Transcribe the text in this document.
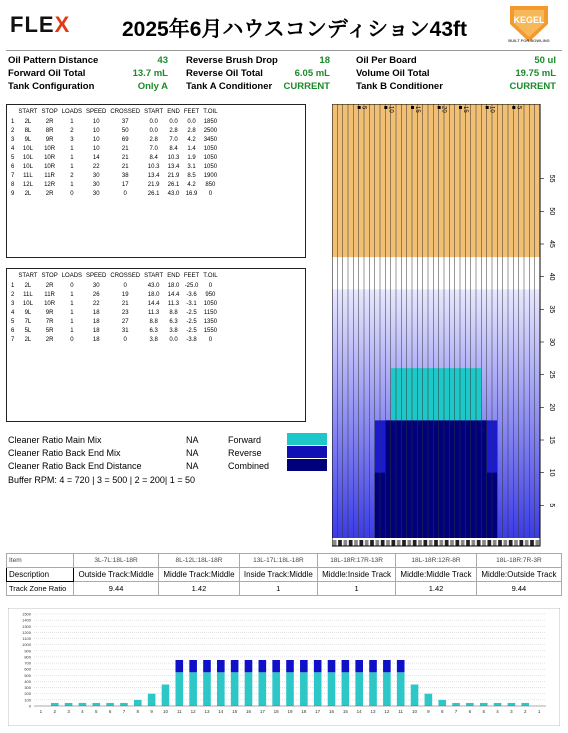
FLEX 2025年6月ハウスコンディション43ft	KEGEL
BUILT FOR BOWLING
Oil Pattern Distance	43 Reverse Brush Drop	18	Oil Per Board	50 ul
Forward Oil Total	13.7 mL Reverse Oil Total	6.05 mL	Volume Oil Total	19.75 mL
Tank Configuration	Only A Tank A Conditioner CURRENT	Tank B Conditioner	CURRENT
	START	STOP	LOADS	SPEED	CROSSED	START	END	FEET	T.OIL
1	2L	2R	1	10	37	0.0	0.0	0.0	1850
2	8L	8R	2	10	50	0.0	2.8	2.8	2500
3	9L	9R	3	10	69	2.8	7.0	4.2	3450
4	10L	10R	1	10	21	7.0	8.4	1.4	1050
5	10L	10R	1	14	21	8.4	10.3	1.9	1050
6	10L	10R	1	22	21	10.3	13.4	3.1	1050
7	11L	11R	2	30	38	13.4	21.9	8.5	1900
8	12L	12R	1	30	17	21.9	26.1	4.2	850
9	2L	2R	0	30	0	26.1	43.0	16.9	0
	START	STOP	LOADS	SPEED	CROSSED	START	END	FEET	T.OIL
1	2L	2R	0	30	0	43.0	18.0	-25.0	0
2	11L	11R	1	26	19	18.0	14.4	-3.6	950
3	10L	10R	1	22	21	14.4	11.3	-3.1	1050
4	9L	9R	1	18	23	11.3	8.8	-2.5	1150
5	7L	7R	1	18	27	8.8	6.3	-2.5	1350
6	5L	5R	1	18	31	6.3	3.8	-2.5	1550
7	2L	2R	0	18	0	3.8	0.0	-3.8	0
Cleaner Ratio Main Mix	NA
Cleaner Ratio Back End Mix	NA
Cleaner Ratio Back End Distance	NA
Buffer RPM: 4 = 720 | 3 = 500 | 2 = 200| 1 = 50
Forward
Reverse
Combined
5	10	15	20	15	10	5
5
10
15
20
25
30
35
40
45
50
55
Item	3L-7L:18L-18R	8L-12L:18L-18R	13L-17L:18L-18R	18L-18R:17R-13R	18L-18R:12R-8R	18L-18R:7R-3R
Description	Outside Track:Middle	Middle Track:Middle	Inside Track:Middle	Middle:Inside Track	Middle:Middle Track	Middle:Outside Track
Track Zone Ratio	9.44	1.42	1	1	1.42	9.44
0
100
200
300
400
500
600
700
800
900
1000
1100
1200
1300
1400
1500
1	2	3	4	5	6	7	8	9 10 11 12 13 14 15 16 17 18 19 18 17 16 15 14 13 12 11 10 9	8	7	6	5	4	3	2	1
